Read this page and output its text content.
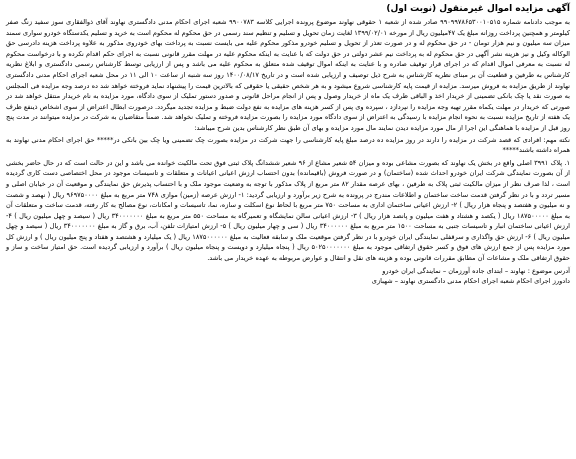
آگهی مزایده اموال غیرمنقول (نوبت اول)

به موجب دادنامه شماره ۹۹۰۹۹۷۸۶۵۳۰۰۱۰۵۱۵ صادر شده از شعبه ۱ حقوقی نهاوند موضوع پرونده اجرایی کلاسه ۹۹۰۰۷۸۳ شعبه اجرای احکام مدنی دادگستری نهاوند آقای ذوالفقاری سوز سفید زنگ صفر کیلومتر و همچنین پرداخت روزانه مبلغ یک ۴۷میلیون ریال از مورخه ۱۳۹۹/۰۲/۰۱ لغایت زمان تحویل و تسلیم و تنظیم سند رسمی در حق محکوم له محکوم است به خرید و تسلیم یکدستگاه خودرو سواری سمند میزان سه میلیون و نیم هزار تومان - در حق محکوم له و در صورت تعذر از تحویل و تسلیم خودرو مذکور محکوم علیه می بایست نسبت به پرداخت بهای خودروی مذکور به علاوه پرداخت هزینه دادرسی حق الوکاله وکیل و نیز هزینه نشر آگهی در حق محکوم له به پرداخت نیم عشر دولتی در حق دولت که با عنایت به اینکه محکوم علیه در مهلت مقرر قانونی نسبت به اجرای حکم اقدام نکرده و با درخواست محکوم له نسبت به معرفی اموال اقدام که در اجرای قرار توقیف صادره و با عنایت به اینکه اموال توقیف شده متعلق به محکوم علیه می باشد و پس از ارزیابی توسط کارشناس رسمی دادگستری و ابلاغ نظریه کارشناس به طرفین و قطعیت آن بر مبنای نظریه کارشناس به شرح ذیل توصیف و ارزیابی شده است و در تاریخ ۱۴۰۰/۰۸/۱۷ روز سه شنبه از ساعت ۱۰ الی ۱۱ در محل شعبه اجرای احکام مدنی دادگستری نهاوند از طریق مزایده به فروش میرسد. مزایده از قیمت پایه کارشناسی شروع میشود و به هر شخص حقیقی یا حقوقی که بالاترین قیمت را پیشنهاد نماید فروخته خواهد شد ده درصد وجه مزایده فی المجلس به صورت نقد یا چک بانکی تضمینی از خریدار اخذ و الباقی ظرف یک ماه از خریدار وصول و پس از انجام مراحل قانونی و صدور دستور تملیک از سوی دادگاه، مورد مزایده به نام خریدار منتقل خواهد شد در صورتی که خریدار در مهلت یکماه مقرر تهیه وجه مزایده را نپردازد ، سپرده وی پس از کسر هزینه های مزایده به نفع دولت ضبط و مزایده تجدید میگردد. درصورت ابطال اعتراض از سوی اشخاص ذینفع ظرف یک هفته از تاریخ مزایده نسبت به نحوه انجام مزایده با رسیدگی به اعتراض از سوی دادگاه مورد مزایده را بصورت مزایده فروخته و تملیک نخواهد شد. ضمناً متقاضیان به شرکت در مزایده میتوانند در مدت پنج روز قبل از مزایده با هماهنگی این اجرا از مال مورد مزایده دیدن نمایند مال مورد مزایده و بهای آن طبق نظر کارشناس بدین شرح میباشد:

نکته مهم: افرادی که قصد شرکت در مزایده را دارند در روز مزایده ده درصد مبلغ پایه کارشناسی را جهت شرکت در مزایده بصورت چک تضمینی ویا چک بین بانکی در***** حق اجرای احکام مدنی نهاوند به همراه داشته باشند*****

۱. پلاک ۳۹۹۱ اصلی واقع در بخش یک نهاوند که بصورت مشاعی بوده و میزان ۵۴ شعیر مشاع از ۹۶ شعیر ششدانگ پلاک ثبتی فوق تحت مالکیت خوانده می باشد و این در حالت است که در حال حاضر بخشی از آن بصورت نمایندگی شرکت ایران خودرو احداث شده (ساختمان) و در صورت فروش (باقیمانده) بدون احتساب ارزش اعیانی اعیانات و متعلقات و تاسیسات موجود در محل اختصاصی دست کاری گردیده است ، لذا صرف نظر از میزان مالکیت ثبتی پلاک به طرفین ، بهای عرصه مقدار ۸۲ متر مربع از پلاک مذکور با توجه به وضعیت موجود ملک و با احتساب پذیرش حق نمایندگی و موقعیت آن در خیابان اصلی و مسیر تردد و با در نظر گرفتن قدمت ساخت ساختمان و اطلاعات مندرج در پرونده به شرح زیر برآورد و ارزیابی گردید: ۱- ارزش عرصه (زمین) موازی ۷۴۸ متر مربع به مبلغ ۹۶۹۷۵۰۰۰۰ ریال ( نهصد و شصت و نه میلیون و هفتصد و پنجاه هزار ریال ) ۲- ارزش اعیانی ساختمان اداری به مساحت ۷۵۰ متر مربع با لحاظ نوع اسکلت و سازه، نما، تاسیسات و امکانات، نوع مصالح به کار رفته، قدمت ساخت و متعلقات آن به مبلغ ۱۸۷۵۰۰۰۰۰ ریال ( یکصد و هشتاد و هفت میلیون و پانصد هزار ریال ) ۳- ارزش اعیانی سالن نمایشگاه و تعمیرگاه به مساحت ۵۵۰ متر مربع به مبلغ ۳۴۰۰۰۰۰۰۰ ریال ( سیصد و چهل میلیون ریال ) ۴- ارزش اعیانی ساختمان انبار و تاسیسات جنبی به مساحت ۱۵۰۰ متر مربع به مبلغ ۳۴۰۰۰۰۰۰ ریال ( سی و چهار میلیون ریال ) ۵- ارزش امتیازات تلفن، آب، برق و گاز به مبلغ ۳۴۰۰۰۰۰۰۰ ریال ( سیصد و چهل میلیون ریال ) ۶- ارزش حق واگذاری و سرقفلی نمایندگی ایران خودرو با در نظر گرفتن موقعیت ملک و سابقه فعالیت به مبلغ ۱۸۷۵۰۰۰۰۰۰ ریال ( یک میلیارد و هشتصد و هفتاد و پنج میلیون ریال ) و ارزش کل مورد مزایده پس از جمع ارزش های فوق و کسر حقوق ارتفاقی موجود به مبلغ ۵۰۲۵۰۰۰۰۰۰۰ ریال ( پنجاه میلیارد و دویست و پنجاه میلیون ریال ) برآورد و ارزیابی گردیده است. حق امتیاز ساخت و ساز و حقوق ارتفاقی ملک و مشاعات آن مطابق مقررات قانونی بوده و هزینه های نقل و انتقال و عوارض مربوطه به عهده خریدار می باشد.

آدرس موضوع : نهاوند – ابتدای جاده آورزمان – نمایندگی ایران خودرو

دادورز اجرای احکام شعبه اجرای احکام مدنی دادگستری نهاوند – شهبازی
